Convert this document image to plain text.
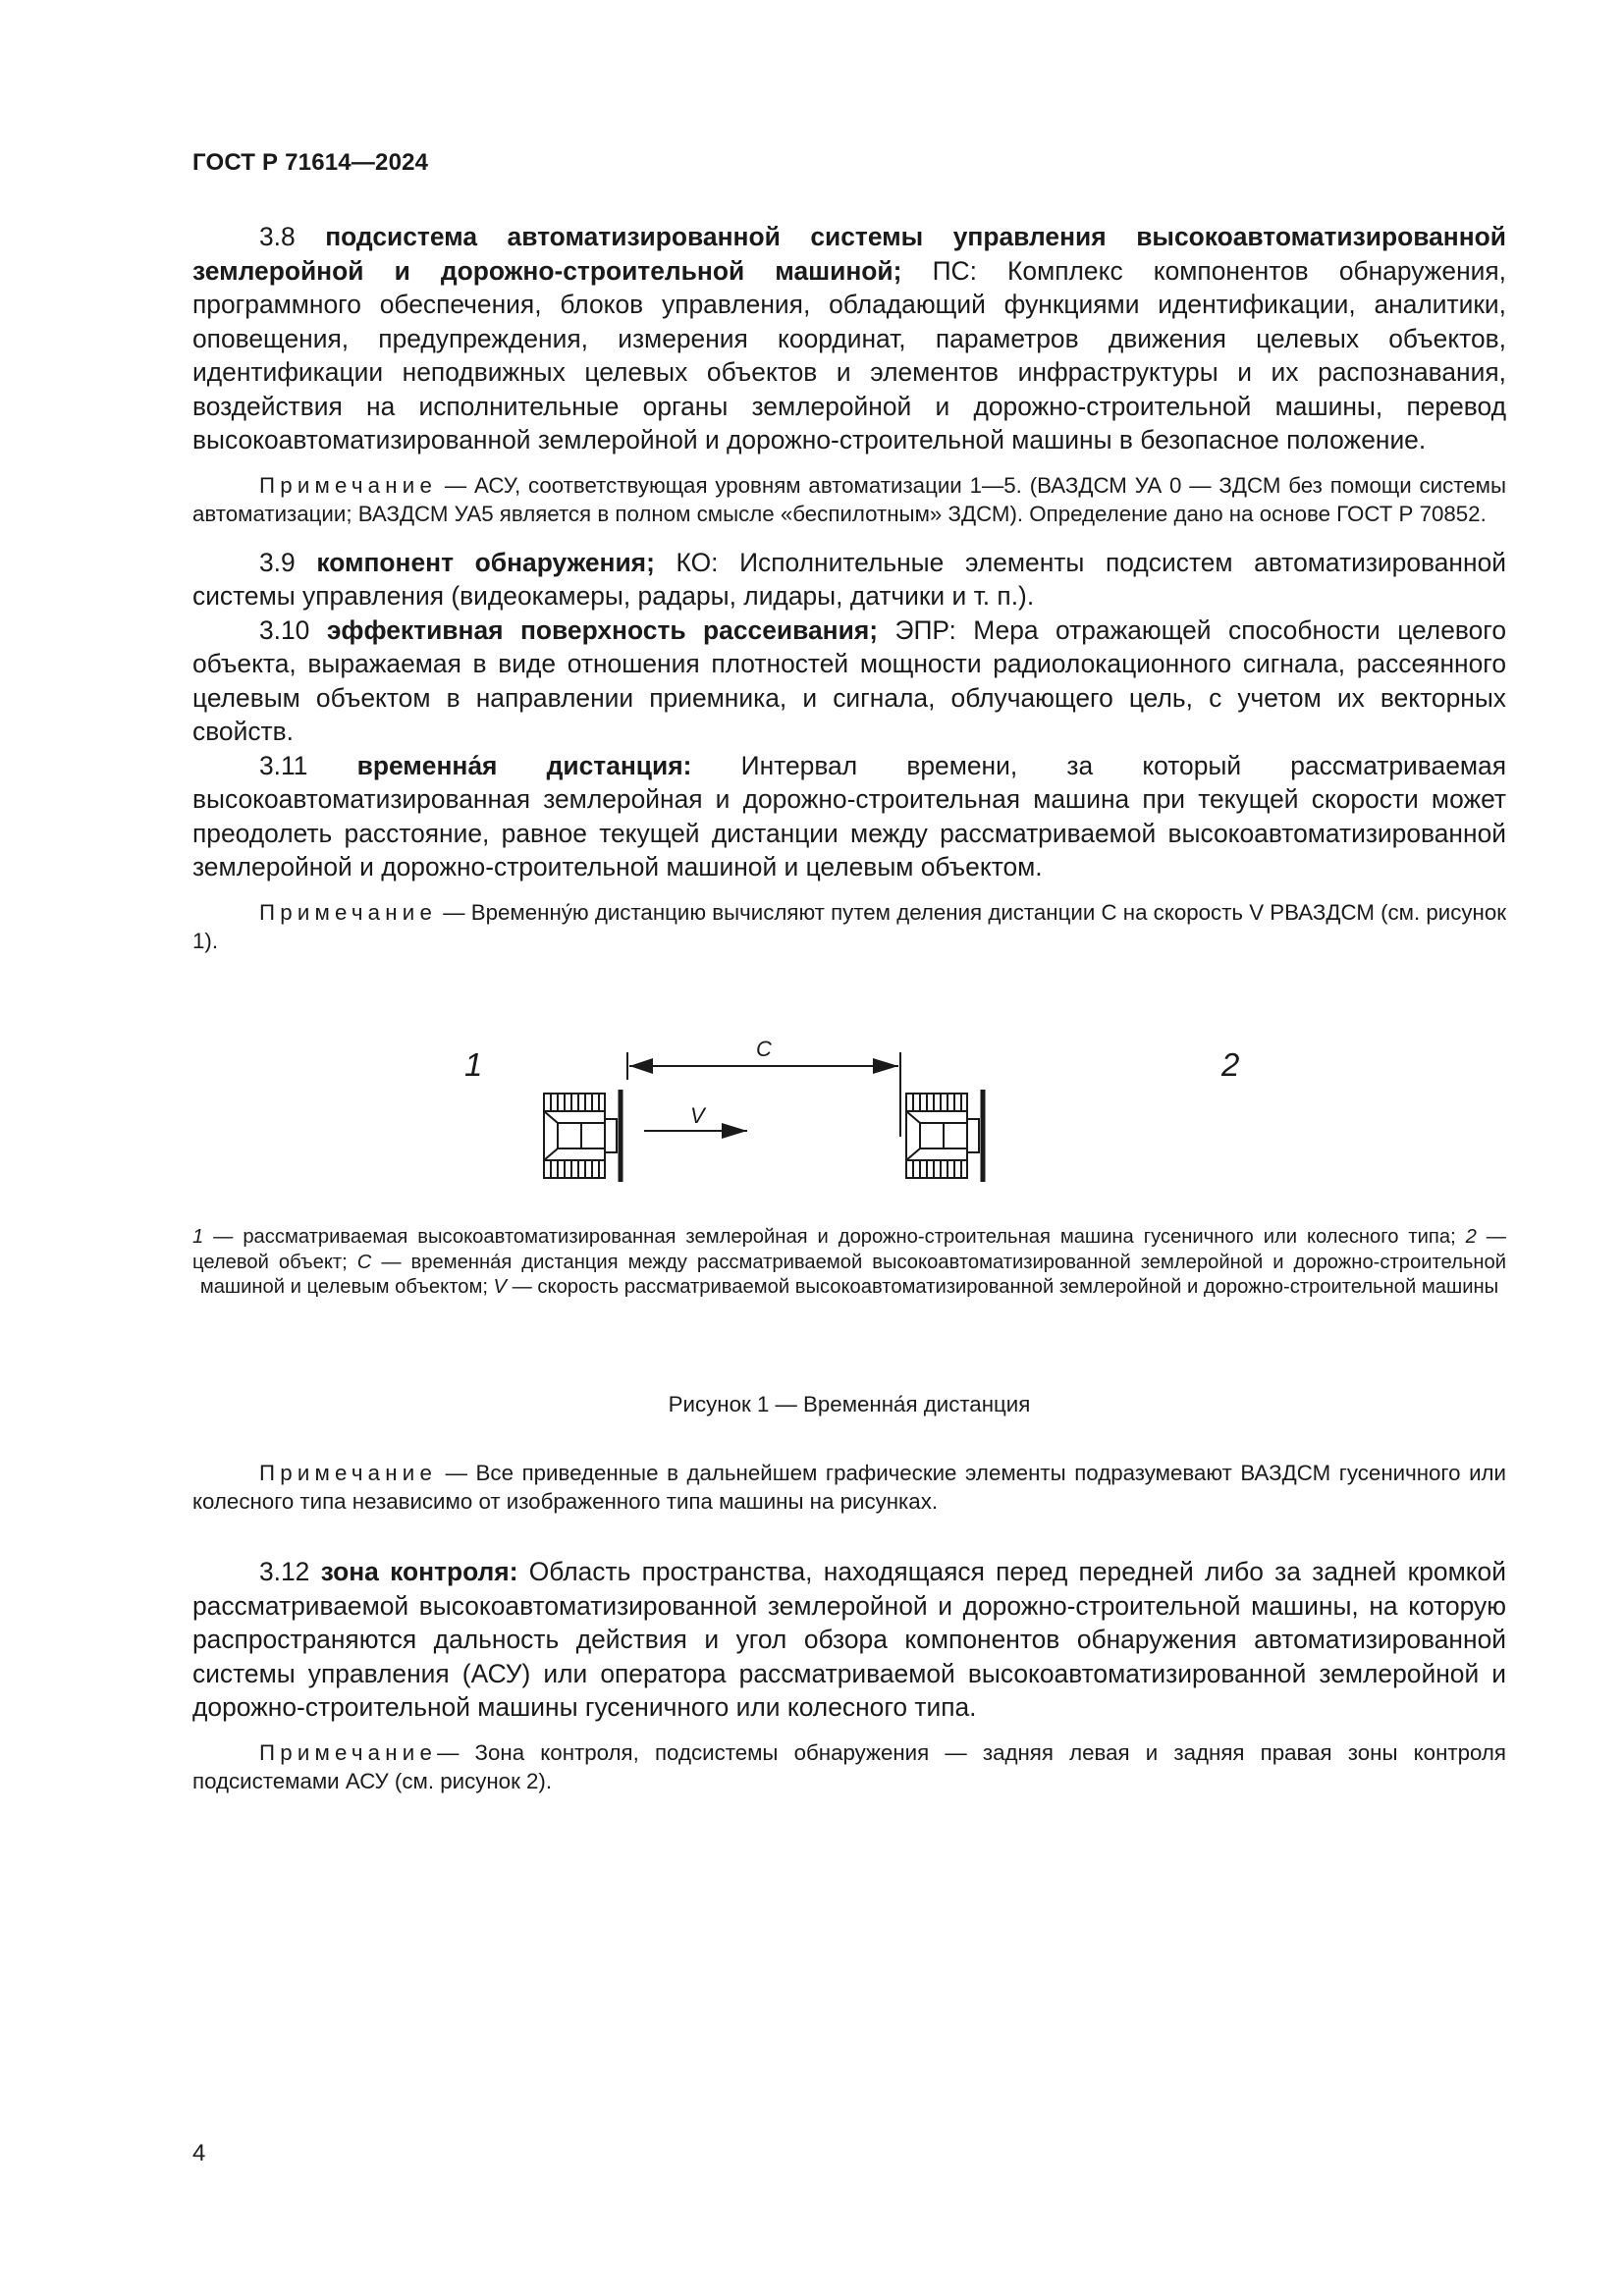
ГОСТ Р 71614—2024

3.8 подсистема автоматизированной системы управления высокоавтоматизированной землеройной и дорожно-строительной машиной; ПС: Комплекс компонентов обнаружения, программного обеспечения, блоков управления, обладающий функциями идентификации, аналитики, оповещения, предупреждения, измерения координат, параметров движения целевых объектов, идентификации неподвижных целевых объектов и элементов инфраструктуры и их распознавания, воздействия на исполнительные органы землеройной и дорожно-строительной машины, перевод высокоавтоматизированной землеройной и дорожно-строительной машины в безопасное положение.

Примечание — АСУ, соответствующая уровням автоматизации 1—5. (ВАЗДСМ УА 0 — ЗДСМ без помощи системы автоматизации; ВАЗДСМ УА5 является в полном смысле «беспилотным» ЗДСМ). Определение дано на основе ГОСТ Р 70852.

3.9 компонент обнаружения; КО: Исполнительные элементы подсистем автоматизированной системы управления (видеокамеры, радары, лидары, датчики и т. п.).

3.10 эффективная поверхность рассеивания; ЭПР: Мера отражающей способности целевого объекта, выражаемая в виде отношения плотностей мощности радиолокационного сигнала, рассеянного целевым объектом в направлении приемника, и сигнала, облучающего цель, с учетом их векторных свойств.

3.11 временна́я дистанция: Интервал времени, за который рассматриваемая высокоавтоматизированная землеройная и дорожно-строительная машина при текущей скорости может преодолеть расстояние, равное текущей дистанции между рассматриваемой высокоавтоматизированной землеройной и дорожно-строительной машиной и целевым объектом.

Примечание — Временну́ю дистанцию вычисляют путем деления дистанции С на скорость V РВАЗДСМ (см. рисунок 1).

1	2
C
V
1 — рассматриваемая высокоавтоматизированная землеройная и дорожно-строительная машина гусеничного или колесного типа; 2 — целевой объект; C — временна́я дистанция между рассматриваемой высокоавтоматизированной землеройной и дорожно-строительной машиной и целевым объектом; V — скорость рассматриваемой высокоавтоматизированной землеройной и дорожно-строительной машины
Рисунок 1 — Временна́я дистанция

Примечание — Все приведенные в дальнейшем графические элементы подразумевают ВАЗДСМ гусеничного или колесного типа независимо от изображенного типа машины на рисунках.

3.12 зона контроля: Область пространства, находящаяся перед передней либо за задней кромкой рассматриваемой высокоавтоматизированной землеройной и дорожно-строительной машины, на которую распространяются дальность действия и угол обзора компонентов обнаружения автоматизированной системы управления (АСУ) или оператора рассматриваемой высокоавтоматизированной землеройной и дорожно-строительной машины гусеничного или колесного типа.

Примечание— Зона контроля, подсистемы обнаружения — задняя левая и задняя правая зоны контроля подсистемами АСУ (см. рисунок 2).

4
